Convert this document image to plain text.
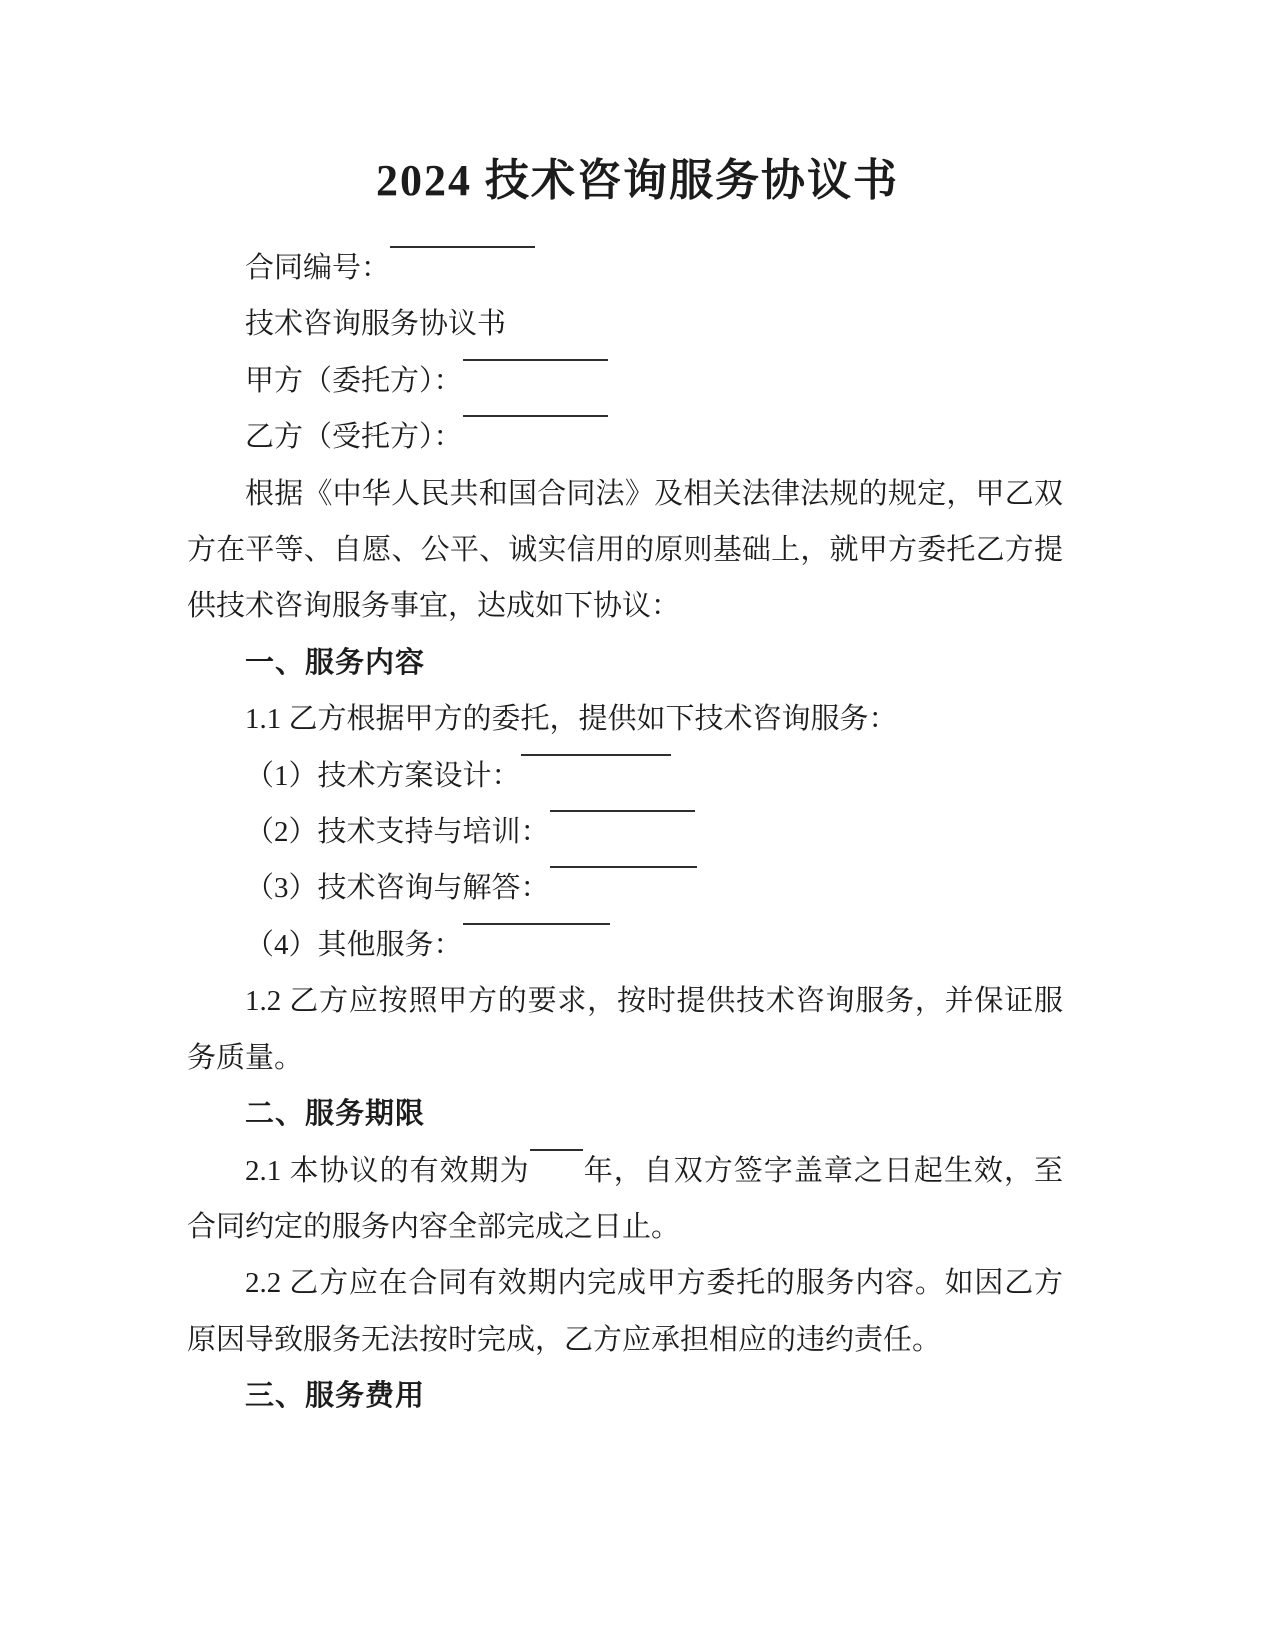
2024 技术咨询服务协议书

合同编号：

技术咨询服务协议书

甲方（委托方）：

乙方（受托方）：

根据《中华人民共和国合同法》及相关法律法规的规定，甲乙双方在平等、自愿、公平、诚实信用的原则基础上，就甲方委托乙方提供技术咨询服务事宜，达成如下协议：

一、服务内容

1.1 乙方根据甲方的委托，提供如下技术咨询服务：

（1）技术方案设计：

（2）技术支持与培训：

（3）技术咨询与解答：

（4）其他服务：

1.2 乙方应按照甲方的要求，按时提供技术咨询服务，并保证服务质量。

二、服务期限

2.1 本协议的有效期为 年，自双方签字盖章之日起生效，至合同约定的服务内容全部完成之日止。

2.2 乙方应在合同有效期内完成甲方委托的服务内容。如因乙方原因导致服务无法按时完成，乙方应承担相应的违约责任。

三、服务费用
